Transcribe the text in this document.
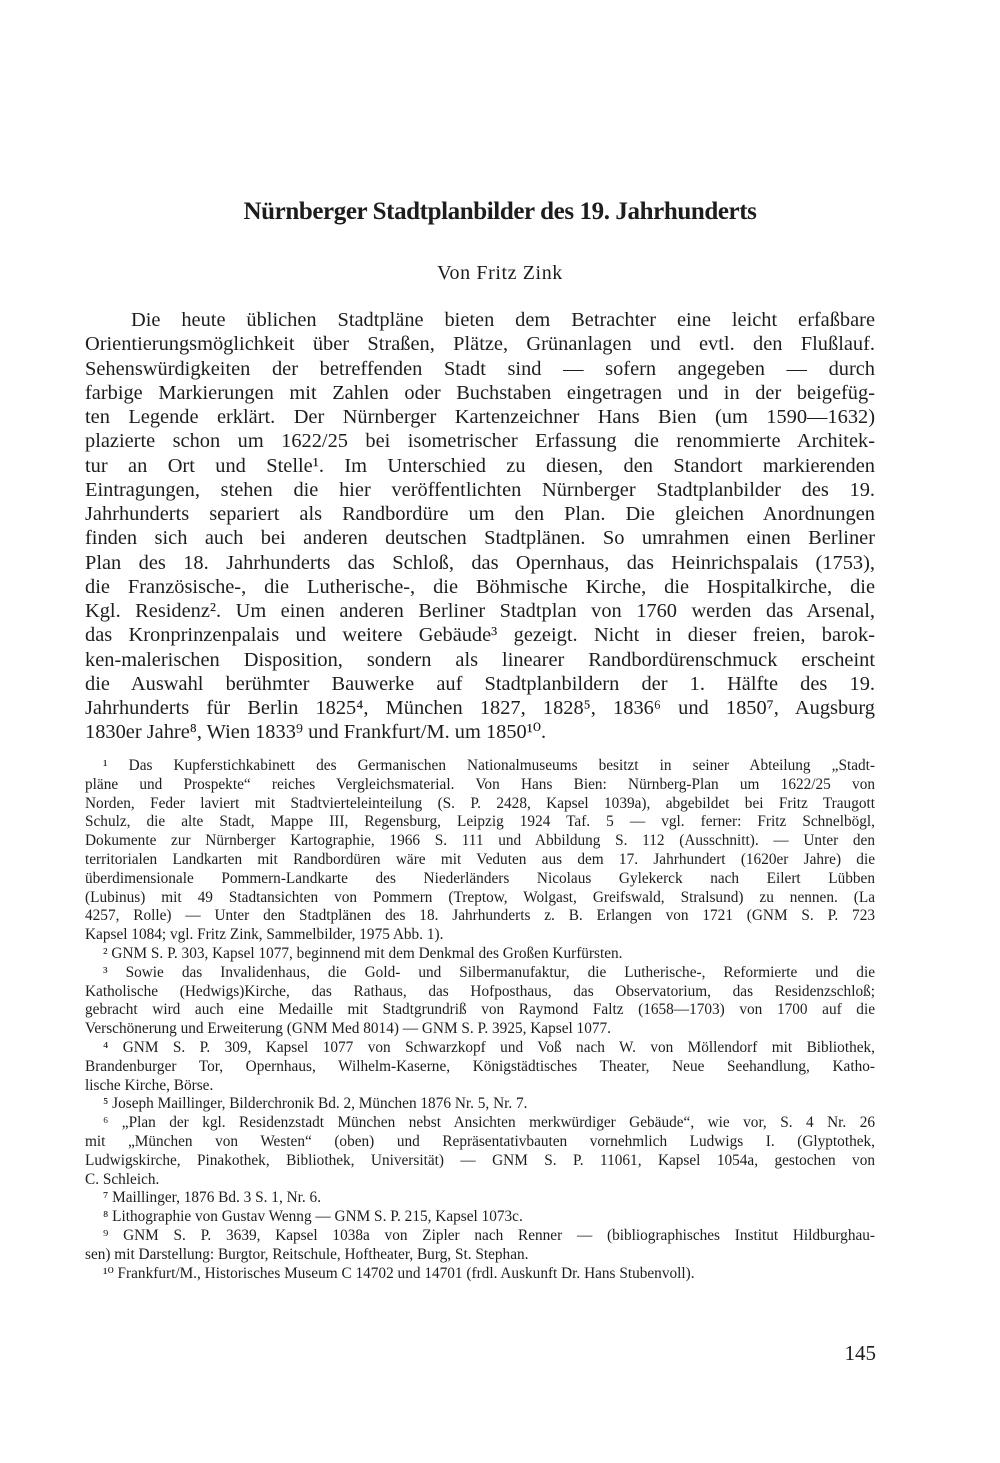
Nürnberger Stadtplanbilder des 19. Jahrhunderts

Von Fritz Zink

Die heute üblichen Stadtpläne bieten dem Betrachter eine leicht erfaßbare
Orientierungsmöglichkeit über Straßen, Plätze, Grünanlagen und evtl. den Flußlauf.
Sehenswürdigkeiten der betreffenden Stadt sind — sofern angegeben — durch
farbige Markierungen mit Zahlen oder Buchstaben eingetragen und in der beigefüg-
ten Legende erklärt. Der Nürnberger Kartenzeichner Hans Bien (um 1590—1632)
plazierte schon um 1622/25 bei isometrischer Erfassung die renommierte Architek-
tur an Ort und Stelle¹. Im Unterschied zu diesen, den Standort markierenden
Eintragungen, stehen die hier veröffentlichten Nürnberger Stadtplanbilder des 19.
Jahrhunderts separiert als Randbordüre um den Plan. Die gleichen Anordnungen
finden sich auch bei anderen deutschen Stadtplänen. So umrahmen einen Berliner
Plan des 18. Jahrhunderts das Schloß, das Opernhaus, das Heinrichspalais (1753),
die Französische-, die Lutherische-, die Böhmische Kirche, die Hospitalkirche, die
Kgl. Residenz². Um einen anderen Berliner Stadtplan von 1760 werden das Arsenal,
das Kronprinzenpalais und weitere Gebäude³ gezeigt. Nicht in dieser freien, barok-
ken-malerischen Disposition, sondern als linearer Randbordürenschmuck erscheint
die Auswahl berühmter Bauwerke auf Stadtplanbildern der 1. Hälfte des 19.
Jahrhunderts für Berlin 1825⁴, München 1827, 1828⁵, 1836⁶ und 1850⁷, Augsburg
1830er Jahre⁸, Wien 1833⁹ und Frankfurt/M. um 1850¹⁰.
¹ Das Kupferstichkabinett des Germanischen Nationalmuseums besitzt in seiner Abteilung „Stadt-
pläne und Prospekte“ reiches Vergleichsmaterial. Von Hans Bien: Nürnberg-Plan um 1622/25 von
Norden, Feder laviert mit Stadtvierteleinteilung (S. P. 2428, Kapsel 1039a), abgebildet bei Fritz Traugott
Schulz, die alte Stadt, Mappe III, Regensburg, Leipzig 1924 Taf. 5 — vgl. ferner: Fritz Schnelbögl,
Dokumente zur Nürnberger Kartographie, 1966 S. 111 und Abbildung S. 112 (Ausschnitt). — Unter den
territorialen Landkarten mit Randbordüren wäre mit Veduten aus dem 17. Jahrhundert (1620er Jahre) die
überdimensionale Pommern-Landkarte des Niederländers Nicolaus Gylekerck nach Eilert Lübben
(Lubinus) mit 49 Stadtansichten von Pommern (Treptow, Wolgast, Greifswald, Stralsund) zu nennen. (La
4257, Rolle) — Unter den Stadtplänen des 18. Jahrhunderts z. B. Erlangen von 1721 (GNM S. P. 723
Kapsel 1084; vgl. Fritz Zink, Sammelbilder, 1975 Abb. 1).
² GNM S. P. 303, Kapsel 1077, beginnend mit dem Denkmal des Großen Kurfürsten.
³ Sowie das Invalidenhaus, die Gold- und Silbermanufaktur, die Lutherische-, Reformierte und die
Katholische (Hedwigs)Kirche, das Rathaus, das Hofposthaus, das Observatorium, das Residenzschloß;
gebracht wird auch eine Medaille mit Stadtgrundriß von Raymond Faltz (1658—1703) von 1700 auf die
Verschönerung und Erweiterung (GNM Med 8014) — GNM S. P. 3925, Kapsel 1077.
⁴ GNM S. P. 309, Kapsel 1077 von Schwarzkopf und Voß nach W. von Möllendorf mit Bibliothek,
Brandenburger Tor, Opernhaus, Wilhelm-Kaserne, Königstädtisches Theater, Neue Seehandlung, Katho-
lische Kirche, Börse.
⁵ Joseph Maillinger, Bilderchronik Bd. 2, München 1876 Nr. 5, Nr. 7.
⁶ „Plan der kgl. Residenzstadt München nebst Ansichten merkwürdiger Gebäude“, wie vor, S. 4 Nr. 26
mit „München von Westen“ (oben) und Repräsentativbauten vornehmlich Ludwigs I. (Glyptothek,
Ludwigskirche, Pinakothek, Bibliothek, Universität) — GNM S. P. 11061, Kapsel 1054a, gestochen von
C. Schleich.
⁷ Maillinger, 1876 Bd. 3 S. 1, Nr. 6.
⁸ Lithographie von Gustav Wenng — GNM S. P. 215, Kapsel 1073c.
⁹ GNM S. P. 3639, Kapsel 1038a von Zipler nach Renner — (bibliographisches Institut Hildburghau-
sen) mit Darstellung: Burgtor, Reitschule, Hoftheater, Burg, St. Stephan.
¹⁰ Frankfurt/M., Historisches Museum C 14702 und 14701 (frdl. Auskunft Dr. Hans Stubenvoll).

145
